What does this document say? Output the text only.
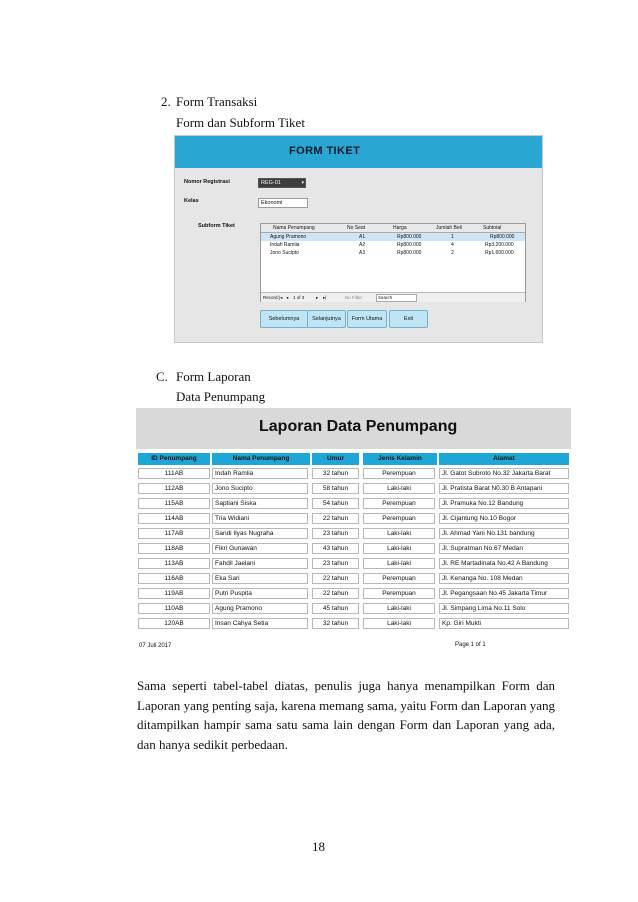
2. Form Transaksi
Form dan Subform Tiket
FORM TIKET
Nomor Registrasi	REG-01	▾
Kelas	Ekonomi
Subform Tiket	Nama Penumpang	No Seat	Harga	Jumlah Beli	Subtotal
Agung Pramono	A1	Rp800.000	1	Rp800.000
Indah Ramlia	A2	Rp800.000	4	Rp3.200.000
Jono Sucipto	A3	Rp800.000	2	Rp1.600.000
Record: |◂ ◂ 1 of 3	▸ ▸|	No Filter	Search
Sebelumnya	Selanjutnya	Form Utama	Exit
C. Form Laporan
Data Penumpang
Laporan Data Penumpang
ID Penumpang	Nama Penumpang	Umur	Jenis Kelamin	Alamat
111AB	Indah Ramlia	32 tahun	Perempuan	Jl. Gatot Subroto No.32 Jakarta Barat
112AB	Jono Sucipto	58 tahun	Laki-laki	Jl. Pratista Barat N0.30 B Antapani
115AB	Saptiani Siska	54 tahun	Perempuan	Jl. Pramuka No.12 Bandung
114AB	Tria Widiani	22 tahun	Perempuan	Jl. Cijantung No.10 Bogor
117AB	Sandi Ilyas Nugraha	23 tahun	Laki-laki	Jl. Ahmad Yani No.131 bandung
118AB	Fikri Gunawan	43 tahun	Laki-laki	Jl. Supratman No.67 Medan
113AB	Fahdil Jaelani	23 tahun	Laki-laki	Jl. RE Martadinata No.42 A Bandung
116AB	Eka Sari	22 tahun	Perempuan	Jl. Kenanga No. 108 Medan
119AB	Putri Puspita	22 tahun	Perempuan	Jl. Pegangsaan No.45 Jakarta Timur
110AB	Agung Pramono	45 tahun	Laki-laki	Jl. Simpang Lima No.11 Solo
120AB	Insan Cahya Setia	32 tahun	Laki-laki	Kp. Giri Mukti
07 Juli 2017	Page 1 of 1

Sama seperti tabel-tabel diatas, penulis juga hanya menampilkan Form dan Laporan yang penting saja, karena memang sama, yaitu Form dan Laporan yang ditampilkan hampir sama satu sama lain dengan Form dan Laporan yang ada, dan hanya sedikit perbedaan.

18
